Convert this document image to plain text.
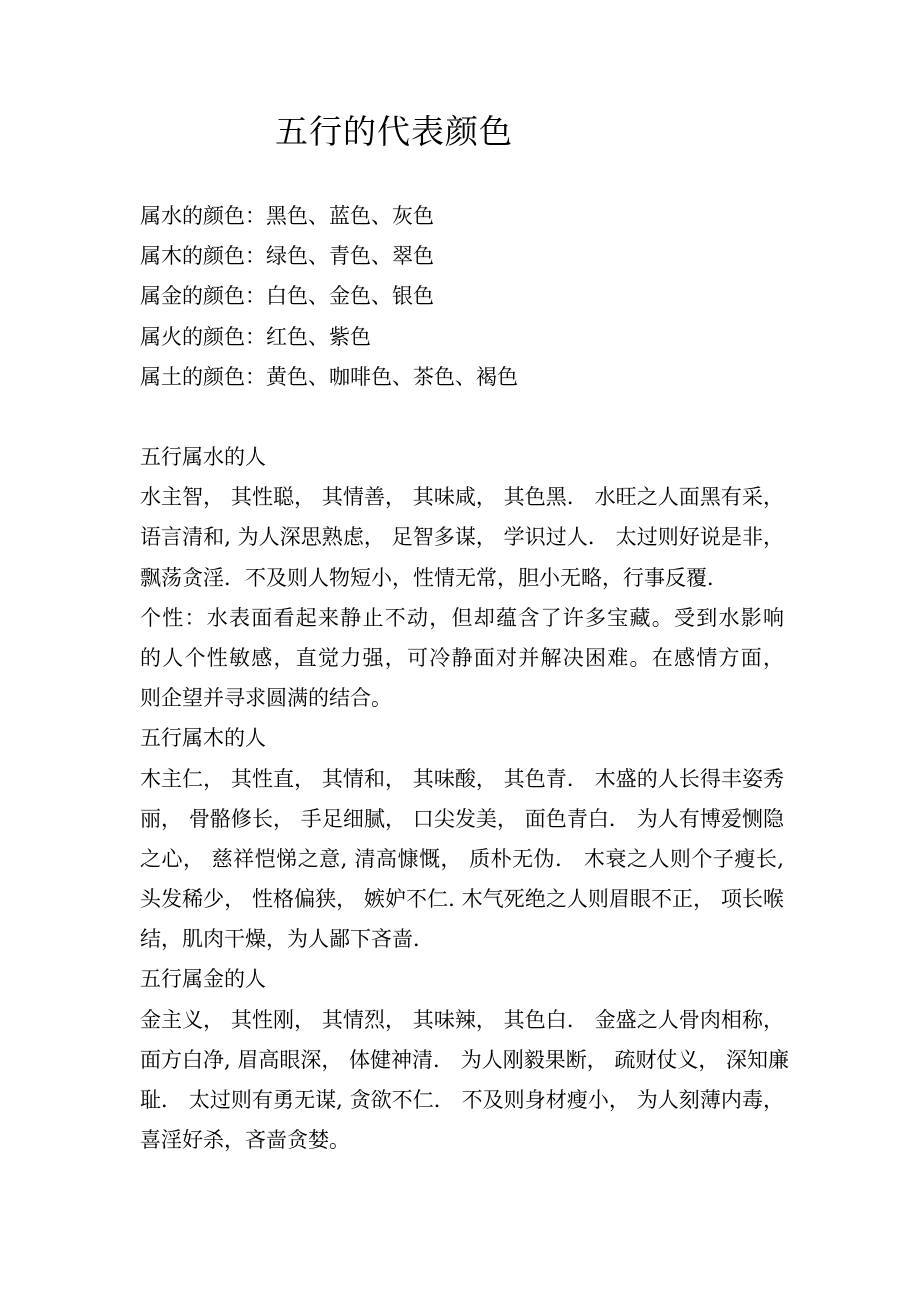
五行的代表颜色
属水的颜色：黑色、蓝色、灰色
属木的颜色：绿色、青色、翠色
属金的颜色：白色、金色、银色
属火的颜色：红色、紫色
属土的颜色：黄色、咖啡色、茶色、褐色
五行属水的人
水主智， 其性聪， 其情善， 其味咸， 其色黑． 水旺之人面黑有采，
语言清和, 为人深思熟虑， 足智多谋， 学识过人． 太过则好说是非，
飘荡贪淫．不及则人物短小，性情无常，胆小无略，行事反覆．
个性：水表面看起来静止不动，但却蕴含了许多宝藏。受到水影响
的人个性敏感，直觉力强，可冷静面对并解决困难。在感情方面，
则企望并寻求圆满的结合。
五行属木的人
木主仁， 其性直， 其情和， 其味酸， 其色青． 木盛的人长得丰姿秀
丽， 骨骼修长， 手足细腻， 口尖发美， 面色青白． 为人有博爱恻隐
之心， 慈祥恺悌之意, 清高慷慨， 质朴无伪． 木衰之人则个子瘦长,
头发稀少， 性格偏狭， 嫉妒不仁. 木气死绝之人则眉眼不正， 项长喉
结，肌肉干燥，为人鄙下吝啬．
五行属金的人
金主义， 其性刚， 其情烈， 其味辣， 其色白． 金盛之人骨肉相称，
面方白净, 眉高眼深， 体健神清． 为人刚毅果断， 疏财仗义， 深知廉
耻． 太过则有勇无谋, 贪欲不仁． 不及则身材瘦小， 为人刻薄内毒，
喜淫好杀，吝啬贪婪。
